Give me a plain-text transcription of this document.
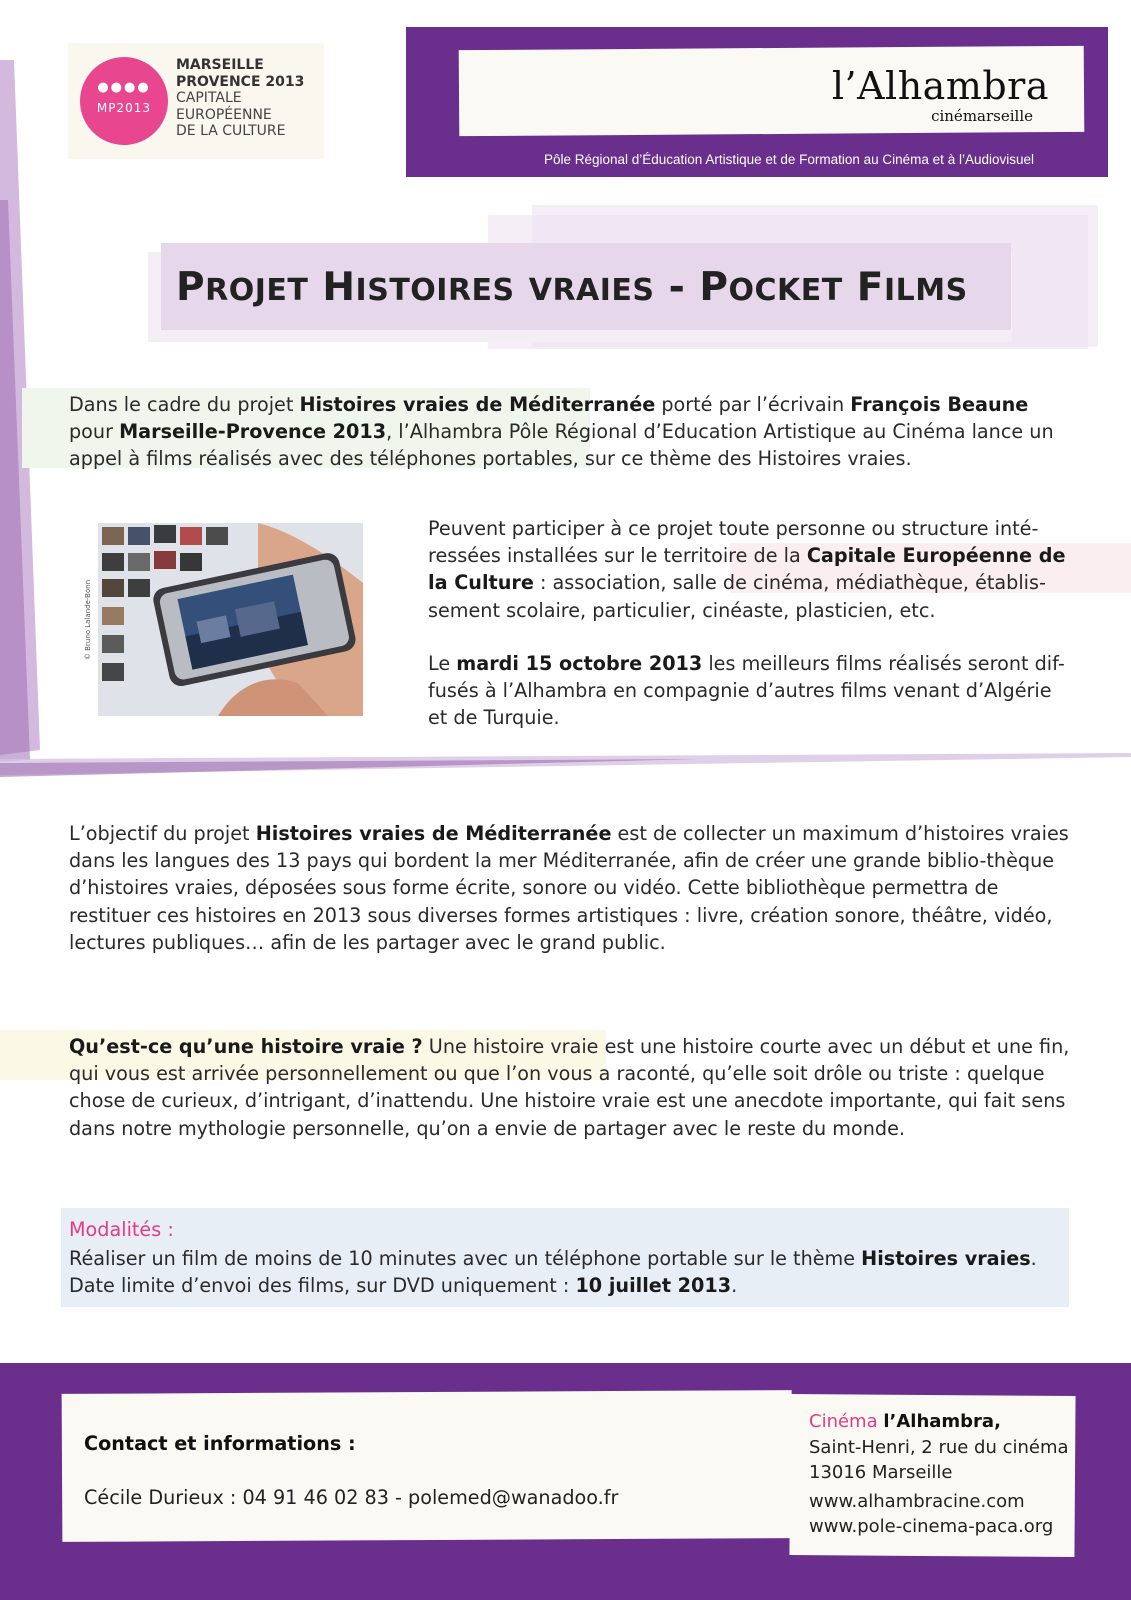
●●●●
MP2013
MARSEILLE
PROVENCE 2013
CAPITALE
EUROPÉENNE
DE LA CULTURE
l’Alhambra
cinémarseille
Pôle Régional d’Éducation Artistique et de Formation au Cinéma et à l’Audiovisuel
PROJET HISTOIRES VRAIES - POCKET FILMS
Dans le cadre du projet Histoires vraies de Méditerranée porté par l’écrivain François Beaune pour Marseille-Provence 2013, l’Alhambra Pôle Régional d’Education Artistique au Cinéma lance un appel à films réalisés avec des téléphones portables, sur ce thème des Histoires vraies.
© Bruno Lalande-Bonn
Peuvent participer à ce projet toute personne ou structure inté-ressées installées sur le territoire de la Capitale Européenne de la Culture : association, salle de cinéma, médiathèque, établis-sement scolaire, particulier, cinéaste, plasticien, etc.
Le mardi 15 octobre 2013 les meilleurs films réalisés seront dif-fusés à l’Alhambra en compagnie d’autres films venant d’Algérie et de Turquie.
L’objectif du projet Histoires vraies de Méditerranée est de collecter un maximum d’histoires vraies dans les langues des 13 pays qui bordent la mer Méditerranée, afin de créer une grande biblio-thèque d’histoires vraies, déposées sous forme écrite, sonore ou vidéo. Cette bibliothèque permettra de restituer ces histoires en 2013 sous diverses formes artistiques : livre, création sonore, théâtre, vidéo, lectures publiques… afin de les partager avec le grand public.
Qu’est-ce qu’une histoire vraie ? Une histoire vraie est une histoire courte avec un début et une fin, qui vous est arrivée personnellement ou que l’on vous a raconté, qu’elle soit drôle ou triste : quelque chose de curieux, d’intrigant, d’inattendu. Une histoire vraie est une anecdote importante, qui fait sens dans notre mythologie personnelle, qu’on a envie de partager avec le reste du monde.
Modalités :
Réaliser un film de moins de 10 minutes avec un téléphone portable sur le thème Histoires vraies.
Date limite d’envoi des films, sur DVD uniquement : 10 juillet 2013.
Contact et informations :
Cécile Durieux : 04 91 46 02 83 - polemed@wanadoo.fr
Cinéma l’Alhambra,
Saint-Henri, 2 rue du cinéma
13016 Marseille
www.alhambracine.com
www.pole-cinema-paca.org
